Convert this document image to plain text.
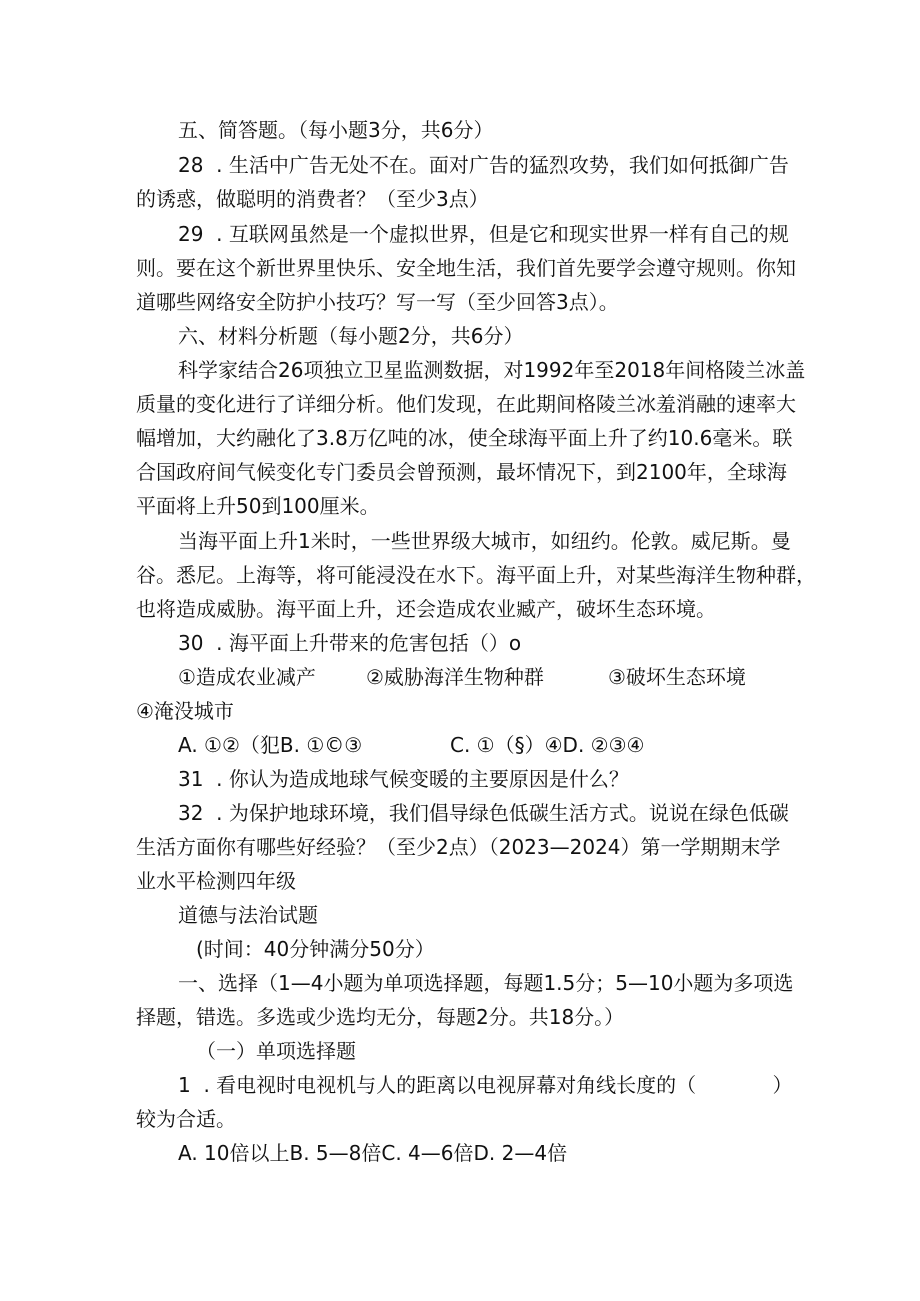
五、简答题。（每小题3分，共6分）

28  . 生活中广告无处不在。面对广告的猛烈攻势，我们如何抵御广告

的诱惑，做聪明的消费者？（至少3点）

29  . 互联网虽然是一个虚拟世界，但是它和现实世界一样有自己的规

则。要在这个新世界里快乐、安全地生活，我们首先要学会遵守规则。你知

道哪些网络安全防护小技巧？写一写（至少回答3点）。

六、材料分析题（每小题2分，共6分）

科学家结合26项独立卫星监测数据，对1992年至2018年间格陵兰冰盖

质量的变化进行了详细分析。他们发现，在此期间格陵兰冰羞消融的速率大

幅增加，大约融化了3.8万亿吨的冰，使全球海平面上升了约10.6毫米。联

合国政府间气候变化专门委员会曾预测，最坏情况下，到2100年，全球海

平面将上升50到100厘米。

当海平面上升1米时，一些世界级大城市，如纽约。伦敦。威尼斯。曼

谷。悉尼。上海等，将可能浸没在水下。海平面上升，对某些海洋生物种群，

也将造成威胁。海平面上升，还会造成农业臧产，破坏生态环境。

30  . 海平面上升带来的危害包括（）o

①造成农业减产	②威胁海洋生物种群	③破坏生态环境
④淹没城市
A. ①②（犯B. ①©③	C. ①（§）④D. ②③④

31  . 你认为造成地球气候变暖的主要原因是什么？

32  . 为保护地球环境，我们倡导绿色低碳生活方式。说说在绿色低碳

生活方面你有哪些好经验？（至少2点）（2023—2024）第一学期期末学

业水平检测四年级

道德与法治试题

(时间：40分钟满分50分）

一、选择（1—4小题为单项选择题，每题1.5分；5—10小题为多项选

择题，错选。多选或少选均无分，每题2分。共18分。）

（一）单项选择题

1  . 看电视时电视机与人的距离以电视屏幕对角线长度的（            ）

较为合适。

A. 10倍以上B. 5—8倍C. 4—6倍D. 2—4倍
